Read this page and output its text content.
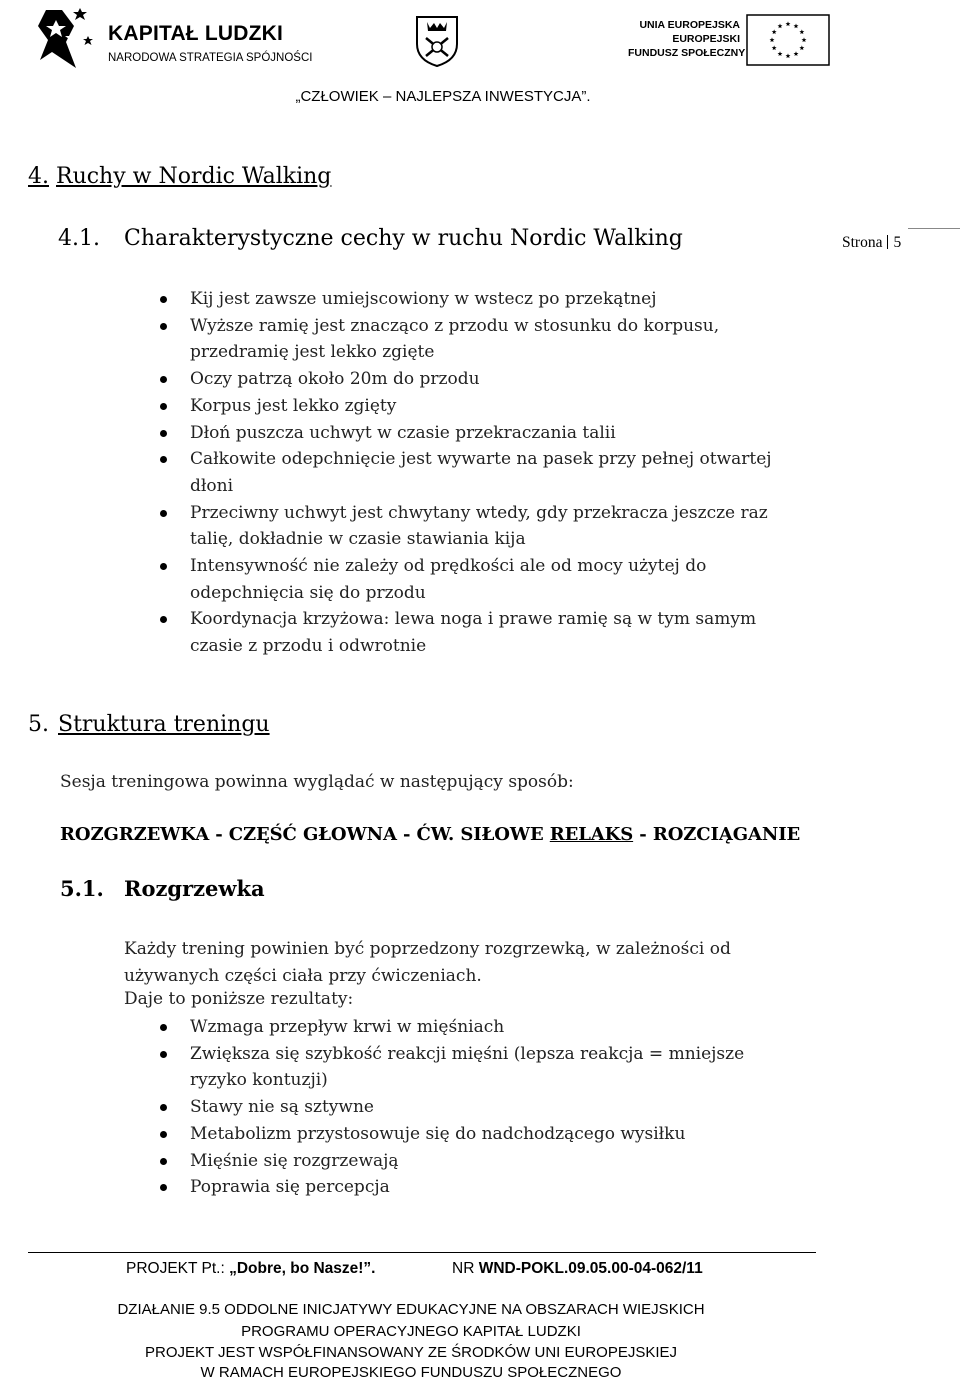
KAPITAŁ LUDZKI
NARODOWA STRATEGIA SPÓJNOŚCI
UNIA EUROPEJSKA
EUROPEJSKI
FUNDUSZ SPOŁECZNY
„CZŁOWIEK – NAJLEPSZA INWESTYCJA”.
4. Ruchy w Nordic Walking
4.1. Charakterystyczne cechy w ruchu Nordic Walking	Strona 5
Kij jest zawsze umiejscowiony w wstecz po przekątnej
Wyższe ramię jest znacząco z przodu w stosunku do korpusu,
przedramię jest lekko zgięte
Oczy patrzą około 20m do przodu
Korpus jest lekko zgięty
Dłoń puszcza uchwyt w czasie przekraczania talii
Całkowite odepchnięcie jest wywarte na pasek przy pełnej otwartej
dłoni
Przeciwny uchwyt jest chwytany wtedy, gdy przekracza jeszcze raz
talię, dokładnie w czasie stawiania kija
Intensywność nie zależy od prędkości ale od mocy użytej do
odepchnięcia się do przodu
Koordynacja krzyżowa: lewa noga i prawe ramię są w tym samym
czasie z przodu i odwrotnie
5. Struktura treningu
Sesja treningowa powinna wyglądać w następujący sposób:
ROZGRZEWKA - CZĘŚĆ GŁOWNA - ĆW. SIŁOWE RELAKS - ROZCIĄGANIE
5.1. Rozgrzewka
Każdy trening powinien być poprzedzony rozgrzewką, w zależności od używanych części ciała przy ćwiczeniach.
Daje to poniższe rezultaty:
Wzmaga przepływ krwi w mięśniach
Zwiększa się szybkość reakcji mięśni (lepsza reakcja = mniejsze
ryzyko kontuzji)
Stawy nie są sztywne
Metabolizm przystosowuje się do nadchodzącego wysiłku
Mięśnie się rozgrzewają
Poprawia się percepcja
PROJEKT Pt.: „Dobre, bo Nasze!”.	NR WND-POKL.09.05.00-04-062/11
DZIAŁANIE 9.5 ODDOLNE INICJATYWY EDUKACYJNE NA OBSZARACH WIEJSKICH
PROGRAMU OPERACYJNEGO KAPITAŁ LUDZKI
PROJEKT JEST WSPÓŁFINANSOWANY ZE ŚRODKÓW UNI EUROPEJSKIEJ
W RAMACH EUROPEJSKIEGO FUNDUSZU SPOŁECZNEGO
